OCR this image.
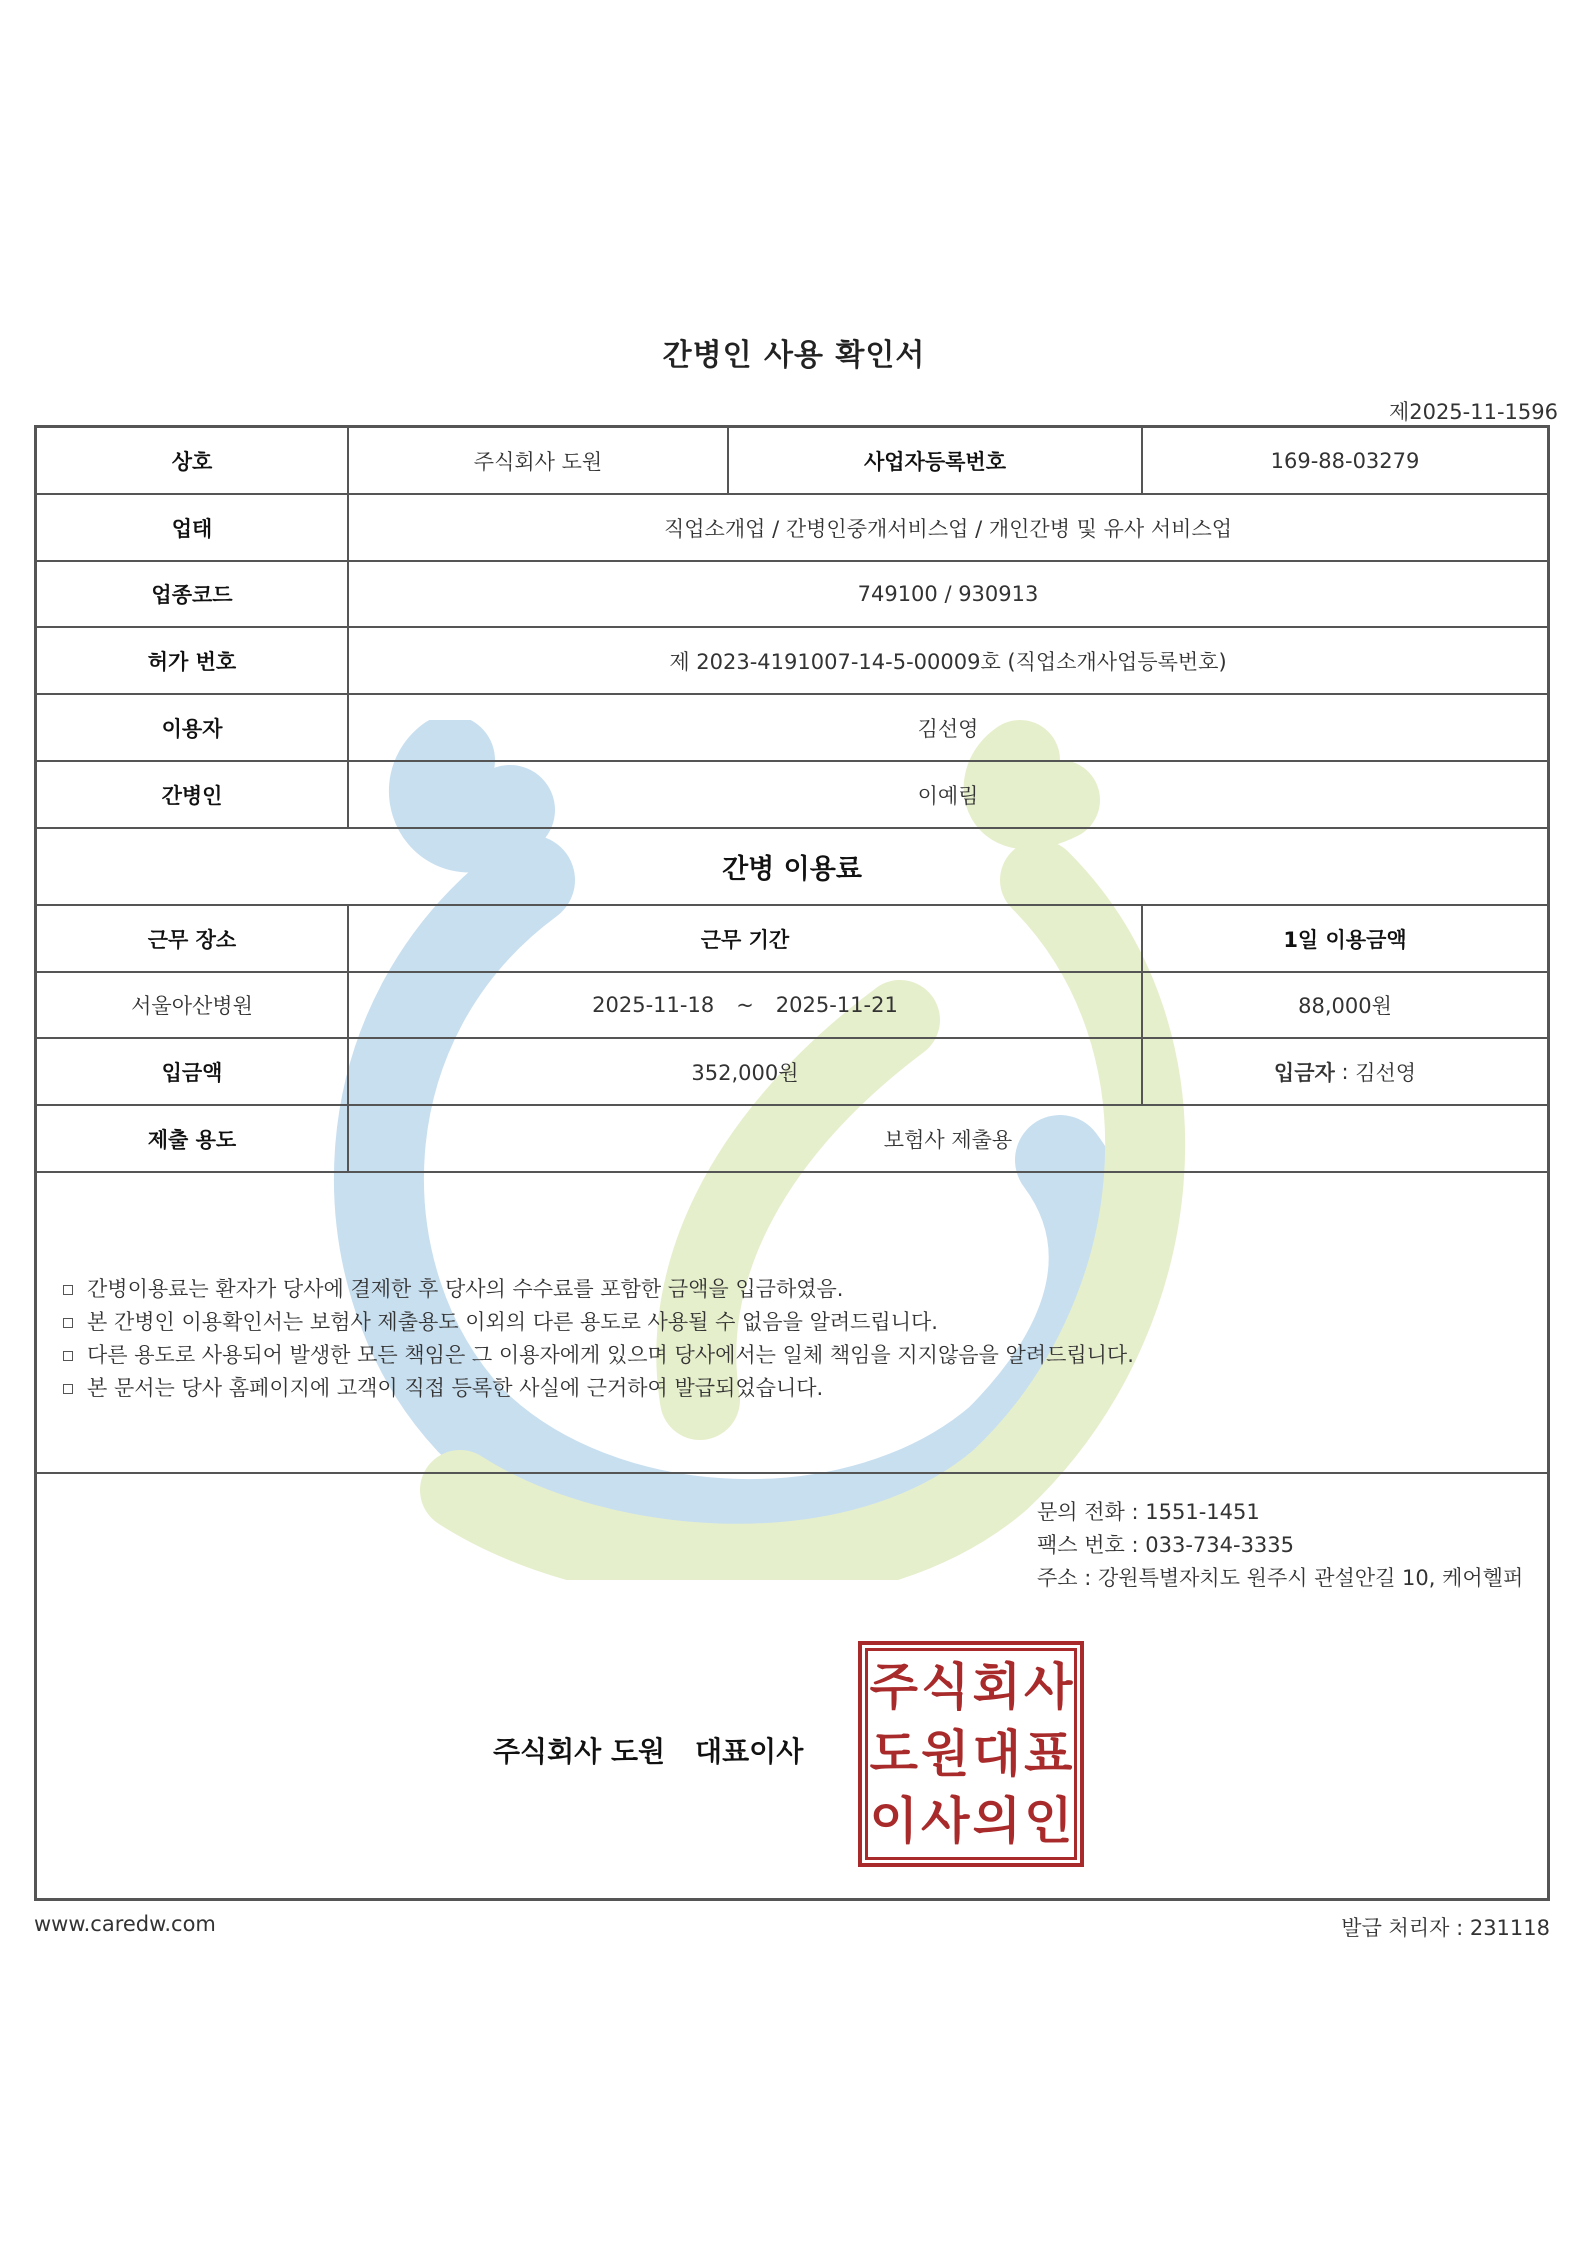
간병인 사용 확인서
제2025-11-1596
상호	주식회사 도원	사업자등록번호	169-88-03279
업태	직업소개업 / 간병인중개서비스업 / 개인간병 및 유사 서비스업
업종코드	749100 / 930913
허가 번호	제 2023-4191007-14-5-00009호 (직업소개사업등록번호)
이용자	김선영
간병인	이예림
간병 이용료
근무 장소	근무 기간	1일 이용금액
서울아산병원	2025-11-18 ~ 2025-11-21	88,000원
입금액	352,000원	입금자 : 김선영
제출 용도	보험사 제출용
간병이용료는 환자가 당사에 결제한 후 당사의 수수료를 포함한 금액을 입금하였음.
본 간병인 이용확인서는 보험사 제출용도 이외의 다른 용도로 사용될 수 없음을 알려드립니다.
다른 용도로 사용되어 발생한 모든 책임은 그 이용자에게 있으며 당사에서는 일체 책임을 지지않음을 알려드립니다.
본 문서는 당사 홈페이지에 고객이 직접 등록한 사실에 근거하여 발급되었습니다.
문의 전화 : 1551-1451
팩스 번호 : 033-734-3335
주소 : 강원특별자치도 원주시 관설안길 10, 케어헬퍼
주식회사 도원 대표이사
주 식 회 사
도 원 대 표
이 사 의 인
www.caredw.com	발급 처리자 : 231118
